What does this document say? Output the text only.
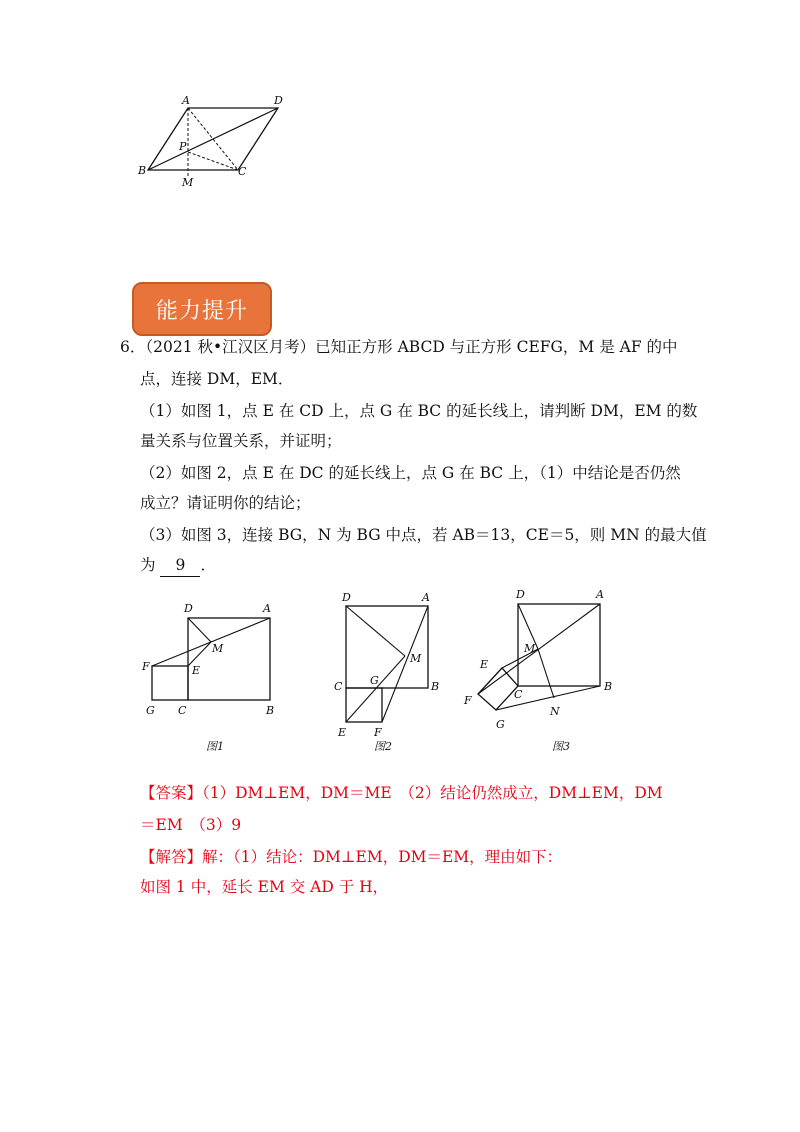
A	D
P
B	C
M
能力提升
6．（2021 秋•江汉区月考）已知正方形 ABCD 与正方形 CEFG，M 是 AF 的中
点，连接 DM，EM．
（1）如图 1，点 E 在 CD 上，点 G 在 BC 的延长线上，请判断 DM，EM 的数
量关系与位置关系，并证明；
（2）如图 2，点 E 在 DC 的延长线上，点 G 在 BC 上，（1）中结论是否仍然
成立？请证明你的结论；
（3）如图 3，连接 BG，N 为 BG 中点，若 AB＝13，CE＝5，则 MN 的最大值
为 9 ．
D	A
M
F	E
G C	B
图1
D	A
M
C	G	B
E	F
图2
D	A
M
E
C
B
F
N
G
图3
【答案】（1）DM⊥EM，DM＝ME　（2）结论仍然成立，DM⊥EM，DM
＝EM　（3）9
【解答】解：（1）结论：DM⊥EM，DM＝EM，理由如下：
如图 1 中，延长 EM 交 AD 于 H，
